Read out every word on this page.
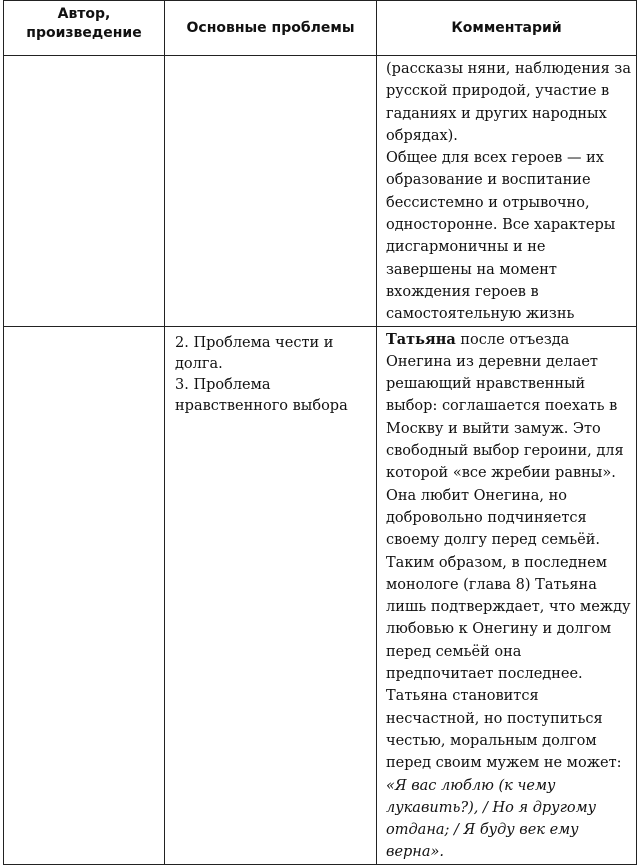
Автор,
произведение	Основные проблемы	Комментарий

		(рассказы няни, наблюдения за русской природой, участие в гаданиях и других народных обрядах).
Общее для всех героев — их образование и воспитание бессистемно и отрывочно, односторонне. Все характеры дисгармоничны и не завершены на момент вхождения героев в самостоятельную жизнь

	2. Проблема чести и долга.
3. Проблема нравственного выбора	Татьяна после отъезда Онегина из деревни делает решающий нравственный выбор: соглашается поехать в Москву и выйти замуж. Это свободный выбор героини, для которой «все жребии равны». Она любит Онегина, но добровольно подчиняется своему долгу перед семьёй. Таким образом, в последнем монологе (глава 8) Татьяна лишь подтверждает, что между любовью к Онегину и долгом перед семьёй она предпочитает последнее.
Татьяна становится несчастной, но поступиться честью, моральным долгом перед своим мужем не может: «Я вас люблю (к чему лукавить?), / Но я другому отдана; / Я буду век ему верна».
